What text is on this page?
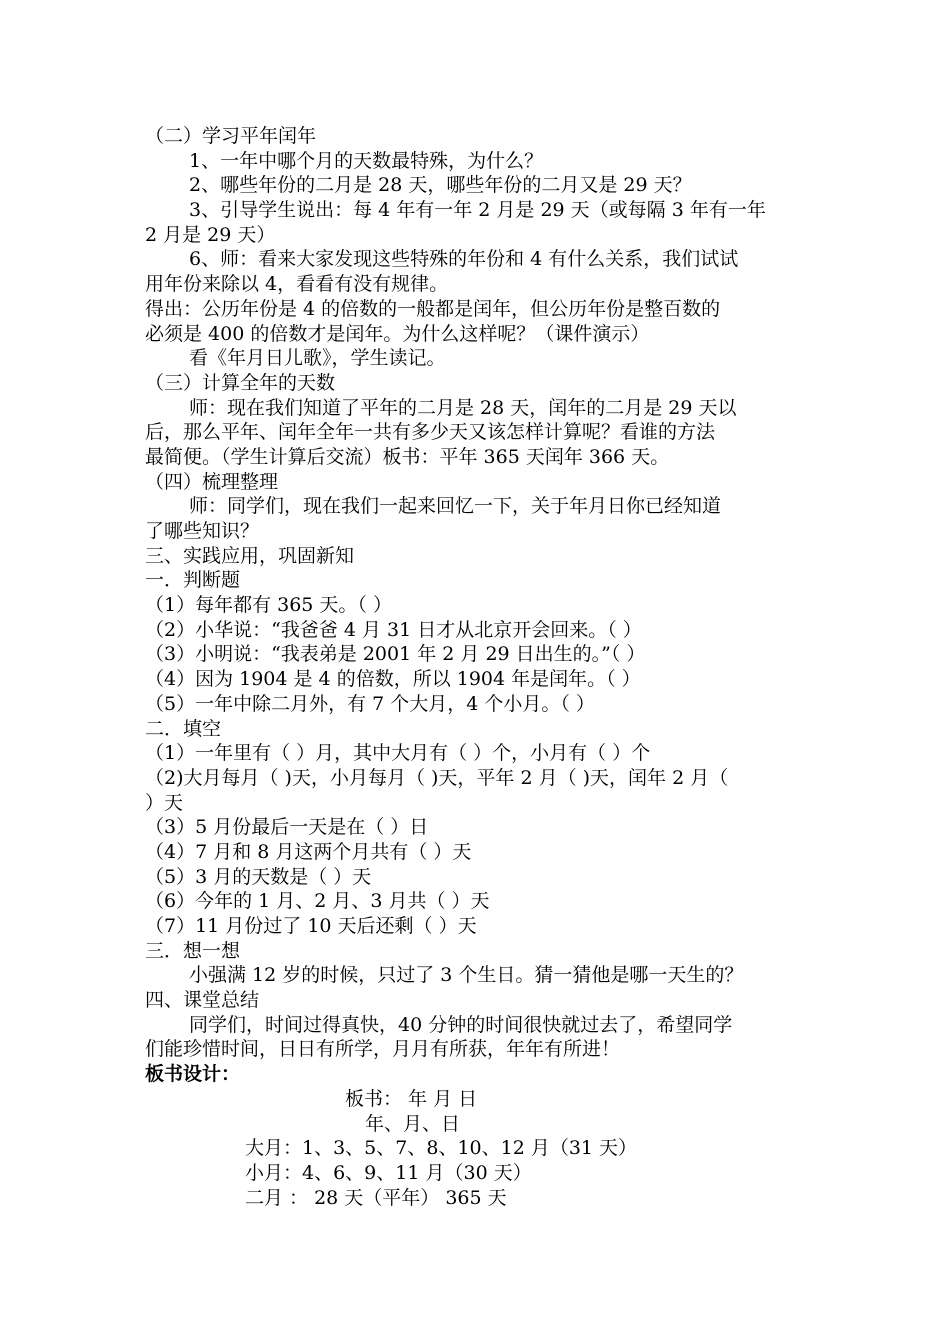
（二）学习平年闰年
1、一年中哪个月的天数最特殊，为什么？
2、哪些年份的二月是 28 天，哪些年份的二月又是 29 天？
3、引导学生说出：每 4 年有一年 2 月是 29 天（或每隔 3 年有一年
2 月是 29 天）
6、师：看来大家发现这些特殊的年份和 4 有什么关系，我们试试
用年份来除以 4，看看有没有规律。
得出：公历年份是 4 的倍数的一般都是闰年，但公历年份是整百数的
必须是 400 的倍数才是闰年。为什么这样呢？（课件演示）
看《年月日儿歌》，学生读记。
（三）计算全年的天数
师：现在我们知道了平年的二月是 28 天，闰年的二月是 29 天以
后，那么平年、闰年全年一共有多少天又该怎样计算呢？看谁的方法
最简便。（学生计算后交流）板书：平年 365 天闰年 366 天。
（四）梳理整理
师：同学们，现在我们一起来回忆一下，关于年月日你已经知道
了哪些知识？
三、实践应用，巩固新知
一．判断题
（1）每年都有 365 天。（ ）
（2）小华说：“我爸爸 4 月 31 日才从北京开会回来。（ ）
（3）小明说：“我表弟是 2001 年 2 月 29 日出生的。”（ ）
（4）因为 1904 是 4 的倍数，所以 1904 年是闰年。（ ）
（5）一年中除二月外，有 7 个大月，4 个小月。（ ）
二．填空
（1）一年里有（ ）月，其中大月有（ ）个，小月有（ ）个
（2)大月每月（ )天，小月每月（ )天，平年 2 月（ )天，闰年 2 月（
）天
（3）5 月份最后一天是在（ ）日
（4）7 月和 8 月这两个月共有（ ）天
（5）3 月的天数是（ ）天
（6）今年的 1 月、2 月、3 月共（ ）天
（7）11 月份过了 10 天后还剩（ ）天
三．想一想
小强满 12 岁的时候，只过了 3 个生日。猜一猜他是哪一天生的？
四、课堂总结
同学们，时间过得真快，40 分钟的时间很快就过去了，希望同学
们能珍惜时间，日日有所学，月月有所获，年年有所进！
板书设计：
板书： 年 月 日
年、月、日
大月：1、3、5、7、8、10、12 月（31 天）
小月：4、6、9、11 月（30 天）
二月 ： 28 天（平年） 365 天
